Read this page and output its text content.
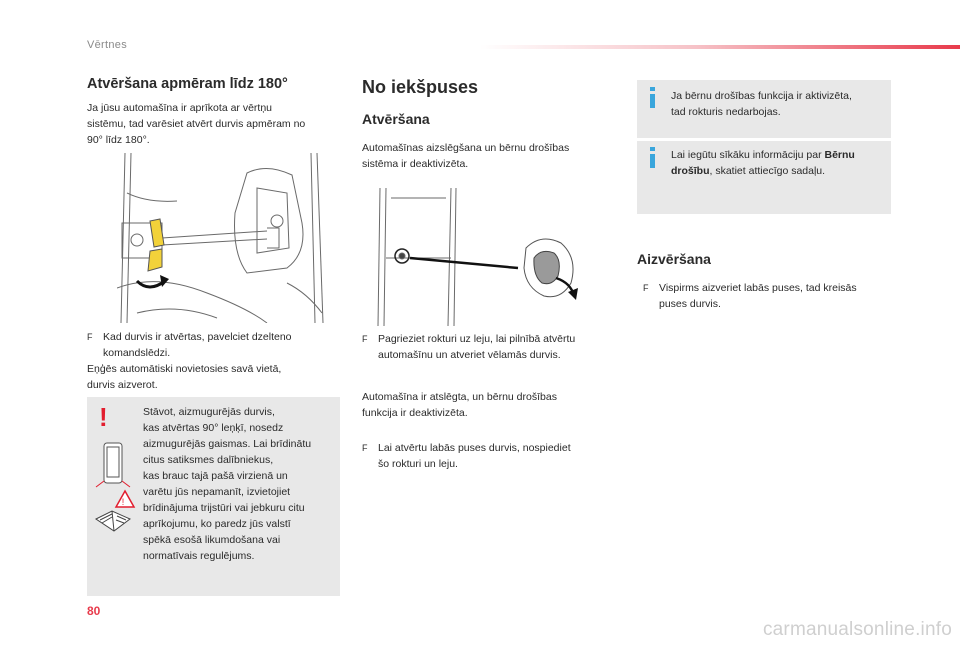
Vērtnes
Atvēršana apmēram līdz 180°
Ja jūsu automašīna ir aprīkota ar vērtņu
sistēmu, tad varēsiet atvērt durvis apmēram no
90° līdz 180°.
F Kad durvis ir atvērtas, pavelciet dzelteno
komandslēdzi.
Eņģēs automātiski novietosies savā vietā,
durvis aizverot.
!
!
Stāvot, aizmugurējās durvis,
kas atvērtas 90° leņķī, nosedz
aizmugurējās gaismas. Lai brīdinātu
citus satiksmes dalībniekus,
kas brauc tajā pašā virzienā un
varētu jūs nepamanīt, izvietojiet
brīdinājuma trijstūri vai jebkuru citu
aprīkojumu, ko paredz jūs valstī
spēkā esošā likumdošana vai
normatīvais regulējums.
No iekšpuses
Atvēršana
Automašīnas aizslēgšana un bērnu drošības
sistēma ir deaktivizēta.
F Pagrieziet rokturi uz leju, lai pilnībā atvērtu
automašīnu un atveriet vēlamās durvis.
Automašīna ir atslēgta, un bērnu drošības
funkcija ir deaktivizēta.
F Lai atvērtu labās puses durvis, nospiediet
šo rokturi un leju.
Ja bērnu drošības funkcija ir aktivizēta,
tad rokturis nedarbojas.
Lai iegūtu sīkāku informāciju par Bērnu
drošību, skatiet attiecīgo sadaļu.
Aizvēršana
F Vispirms aizveriet labās puses, tad kreisās
puses durvis.
80
carmanualsonline.info
